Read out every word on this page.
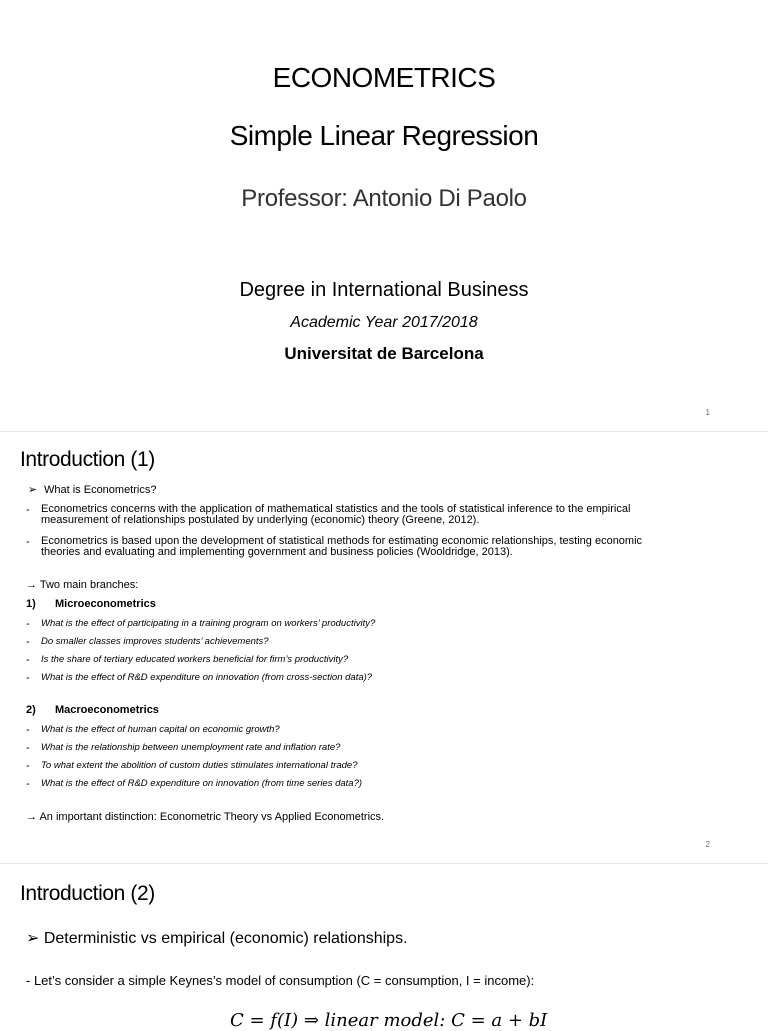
ECONOMETRICS
Simple Linear Regression
Professor: Antonio Di Paolo
Degree in International Business
Academic Year 2017/2018
Universitat de Barcelona
1
Introduction (1)
➢ What is Econometrics?
- Econometrics concerns with the application of mathematical statistics and the tools of statistical inference to the empirical
measurement of relationships postulated by underlying (economic) theory (Greene, 2012).
- Econometrics is based upon the development of statistical methods for estimating economic relationships, testing economic
theories and evaluating and implementing government and business policies (Wooldridge, 2013).
→ Two main branches:
1) Microeconometrics
- What is the effect of participating in a training program on workers’ productivity?
- Do smaller classes improves students’ achievements?
- Is the share of tertiary educated workers beneficial for firm’s productivity?
- What is the effect of R&D expenditure on innovation (from cross-section data)?
2) Macroeconometrics
- What is the effect of human capital on economic growth?
- What is the relationship between unemployment rate and inflation rate?
- To what extent the abolition of custom duties stimulates international trade?
- What is the effect of R&D expenditure on innovation (from time series data?)
→ An important distinction: Econometric Theory vs Applied Econometrics.
2
Introduction (2)
➢ Deterministic vs empirical (economic) relationships.
- Let’s consider a simple Keynes’s model of consumption (C = consumption, I = income):
C = f(I) ⇒ linear model: C = a + bI
